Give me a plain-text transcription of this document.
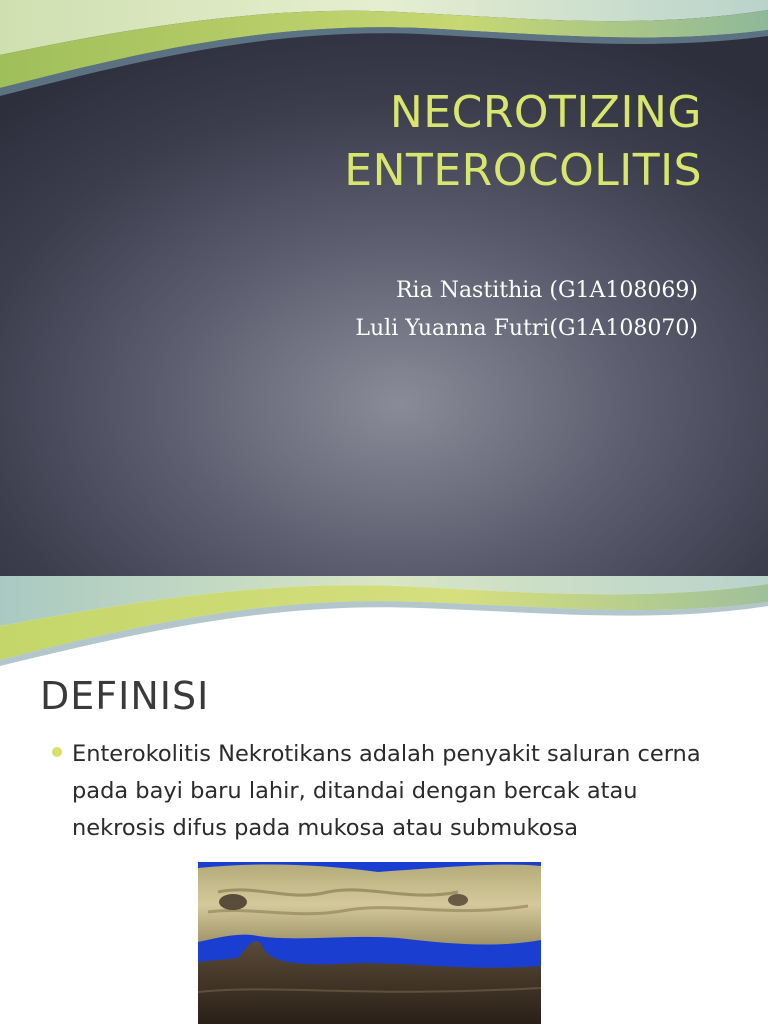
NECROTIZING
ENTEROCOLITIS
Ria Nastithia (G1A108069)
Luli Yuanna Futri(G1A108070)
DEFINISI
Enterokolitis Nekrotikans adalah penyakit saluran cerna pada bayi baru lahir, ditandai dengan bercak atau nekrosis difus pada mukosa atau submukosa
